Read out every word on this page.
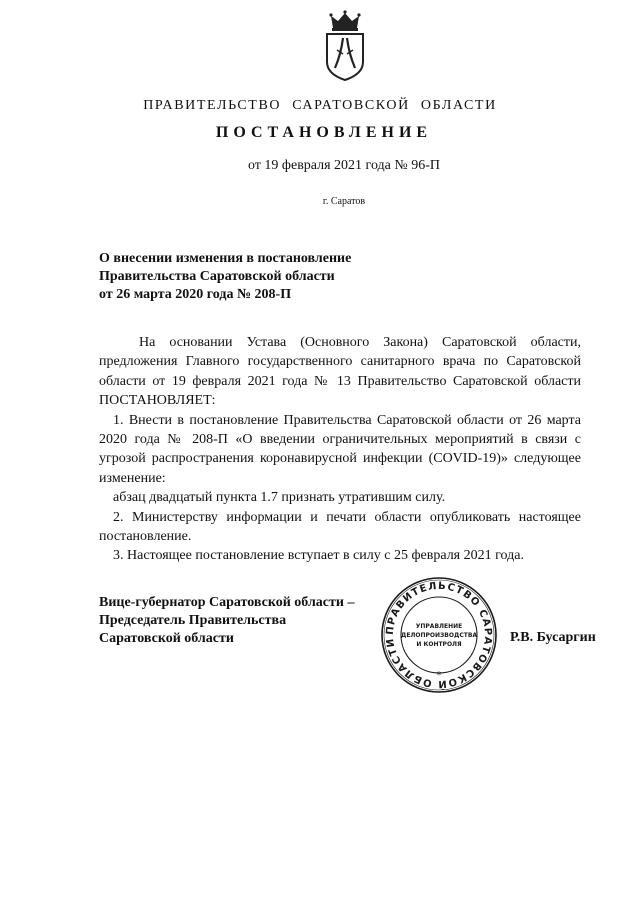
ПРАВИТЕЛЬСТВО САРАТОВСКОЙ ОБЛАСТИ
ПОСТАНОВЛЕНИЕ
от 19 февраля 2021 года № 96-П
г. Саратов
О внесении изменения в постановление
Правительства Саратовской области
от 26 марта 2020 года № 208-П
На основании Устава (Основного Закона) Саратовской области, предложения Главного государственного санитарного врача по Саратовской области от 19 февраля 2021 года № 13 Правительство Саратовской области ПОСТАНОВЛЯЕТ:
1. Внести в постановление Правительства Саратовской области от 26 марта 2020 года № 208-П «О введении ограничительных мероприятий в связи с угрозой распространения коронавирусной инфекции (COVID-19)» следующее изменение:
абзац двадцатый пункта 1.7 признать утратившим силу.
2. Министерству информации и печати области опубликовать настоящее постановление.
3. Настоящее постановление вступает в силу с 25 февраля 2021 года.
Вице-губернатор Саратовской области –
Председатель Правительства
Саратовской области
ПРАВИТЕЛЬСТВО САРАТОВСКОЙ ОБЛАСТИ
*
УПРАВЛЕНИЕ
ДЕЛОПРОИЗВОДСТВА
И КОНТРОЛЯ	Р.В. Бусаргин
